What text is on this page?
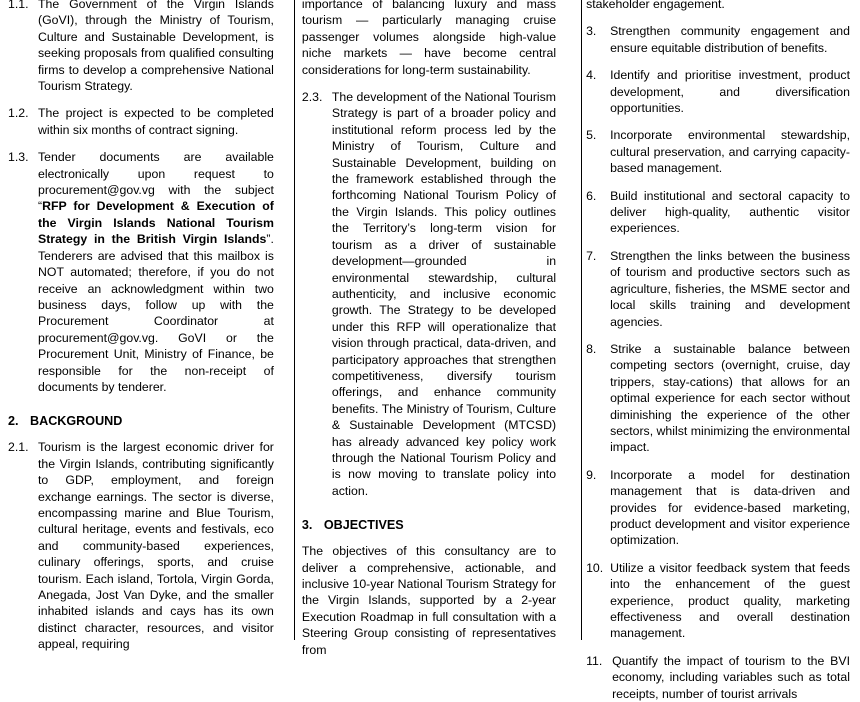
1.1. The Government of the Virgin Islands (GoVI), through the Ministry of Tourism, Culture and Sustainable Development, is seeking proposals from qualified consulting firms to develop a comprehensive National Tourism Strategy.
1.2. The project is expected to be completed within six months of contract signing.
1.3. Tender documents are available electronically upon request to procurement@gov.vg with the subject “RFP for Development & Execution of the Virgin Islands National Tourism Strategy in the British Virgin Islands”. Tenderers are advised that this mailbox is NOT automated; therefore, if you do not receive an acknowledgment within two business days, follow up with the Procurement Coordinator at procurement@gov.vg. GoVI or the Procurement Unit, Ministry of Finance, be responsible for the non-receipt of documents by tenderer.
2. BACKGROUND
2.1. Tourism is the largest economic driver for the Virgin Islands, contributing significantly to GDP, employment, and foreign exchange earnings. The sector is diverse, encompassing marine and Blue Tourism, cultural heritage, events and festivals, eco and community-based experiences, culinary offerings, sports, and cruise tourism. Each island, Tortola, Virgin Gorda, Anegada, Jost Van Dyke, and the smaller inhabited islands and cays has its own distinct character, resources, and visitor appeal, requiring
importance of balancing luxury and mass tourism — particularly managing cruise passenger volumes alongside high-value niche markets — have become central considerations for long-term sustainability.
2.3. The development of the National Tourism Strategy is part of a broader policy and institutional reform process led by the Ministry of Tourism, Culture and Sustainable Development, building on the framework established through the forthcoming National Tourism Policy of the Virgin Islands. This policy outlines the Territory’s long-term vision for tourism as a driver of sustainable development—grounded in environmental stewardship, cultural authenticity, and inclusive economic growth. The Strategy to be developed under this RFP will operationalize that vision through practical, data-driven, and participatory approaches that strengthen competitiveness, diversify tourism offerings, and enhance community benefits. The Ministry of Tourism, Culture & Sustainable Development (MTCSD) has already advanced key policy work through the National Tourism Policy and is now moving to translate policy into action.
3. OBJECTIVES
The objectives of this consultancy are to deliver a comprehensive, actionable, and inclusive 10-year National Tourism Strategy for the Virgin Islands, supported by a 2-year Execution Roadmap in full consultation with a Steering Group consisting of representatives from
stakeholder engagement.
3.	Strengthen community engagement and ensure equitable distribution of benefits.
4.	Identify and prioritise investment, product development, and diversification opportunities.
5.	Incorporate environmental stewardship, cultural preservation, and carrying capacity-based management.
6.	Build institutional and sectoral capacity to deliver high-quality, authentic visitor experiences.
7.	Strengthen the links between the business of tourism and productive sectors such as agriculture, fisheries, the MSME sector and local skills training and development agencies.
8.	Strike a sustainable balance between competing sectors (overnight, cruise, day trippers, stay-cations) that allows for an optimal experience for each sector without diminishing the experience of the other sectors, whilst minimizing the environmental impact.
9.	Incorporate a model for destination management that is data-driven and provides for evidence-based marketing, product development and visitor experience optimization.
10. Utilize a visitor feedback system that feeds into the enhancement of the guest experience, product quality, marketing effectiveness and overall destination management.
11. Quantify the impact of tourism to the BVI economy, including variables such as total receipts, number of tourist arrivals
